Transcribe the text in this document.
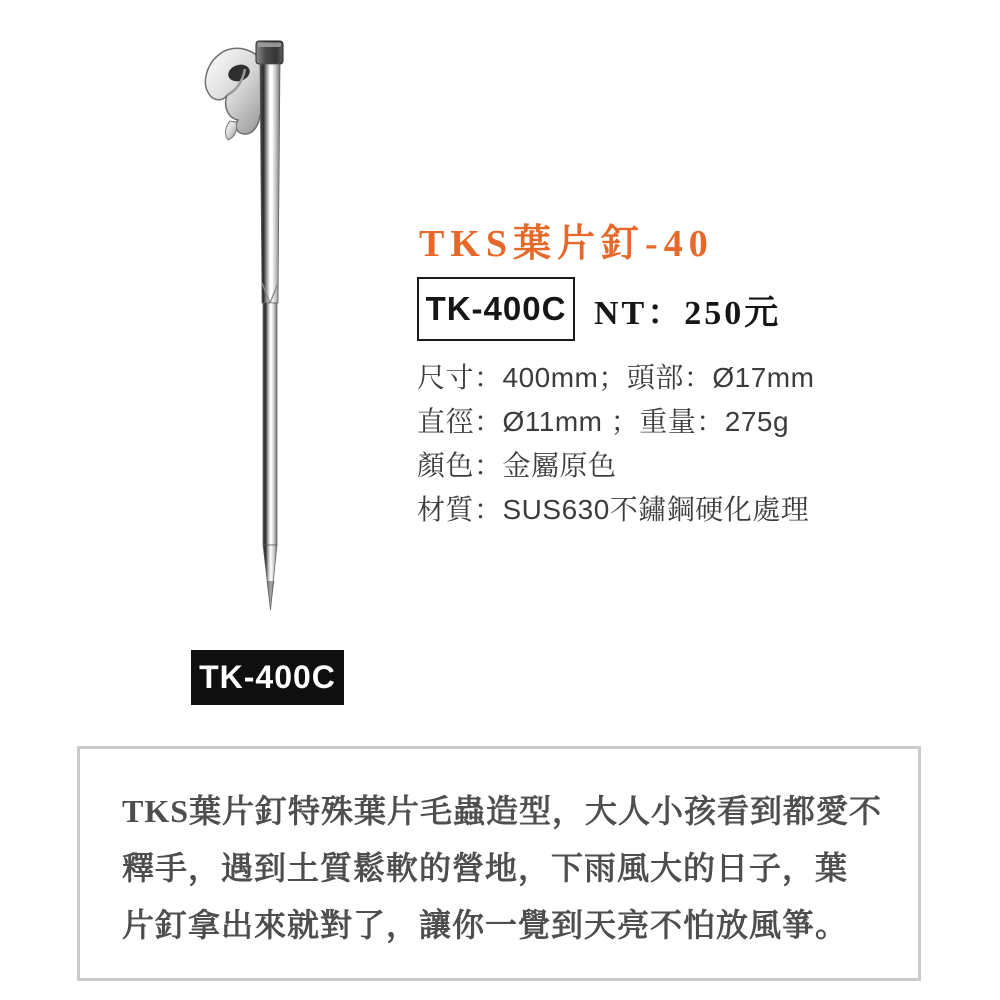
TK-400C
TKS葉片釘-40
TK-400C NT：250元
尺寸：400mm；頭部：Ø17mm
直徑：Ø11mm ；重量：275g
顏色：金屬原色
材質：SUS630不鏽鋼硬化處理

TKS葉片釘特殊葉片毛蟲造型，大人小孩看到都愛不

釋手，遇到土質鬆軟的營地，下雨風大的日子，葉

片釘拿出來就對了，讓你一覺到天亮不怕放風箏。
